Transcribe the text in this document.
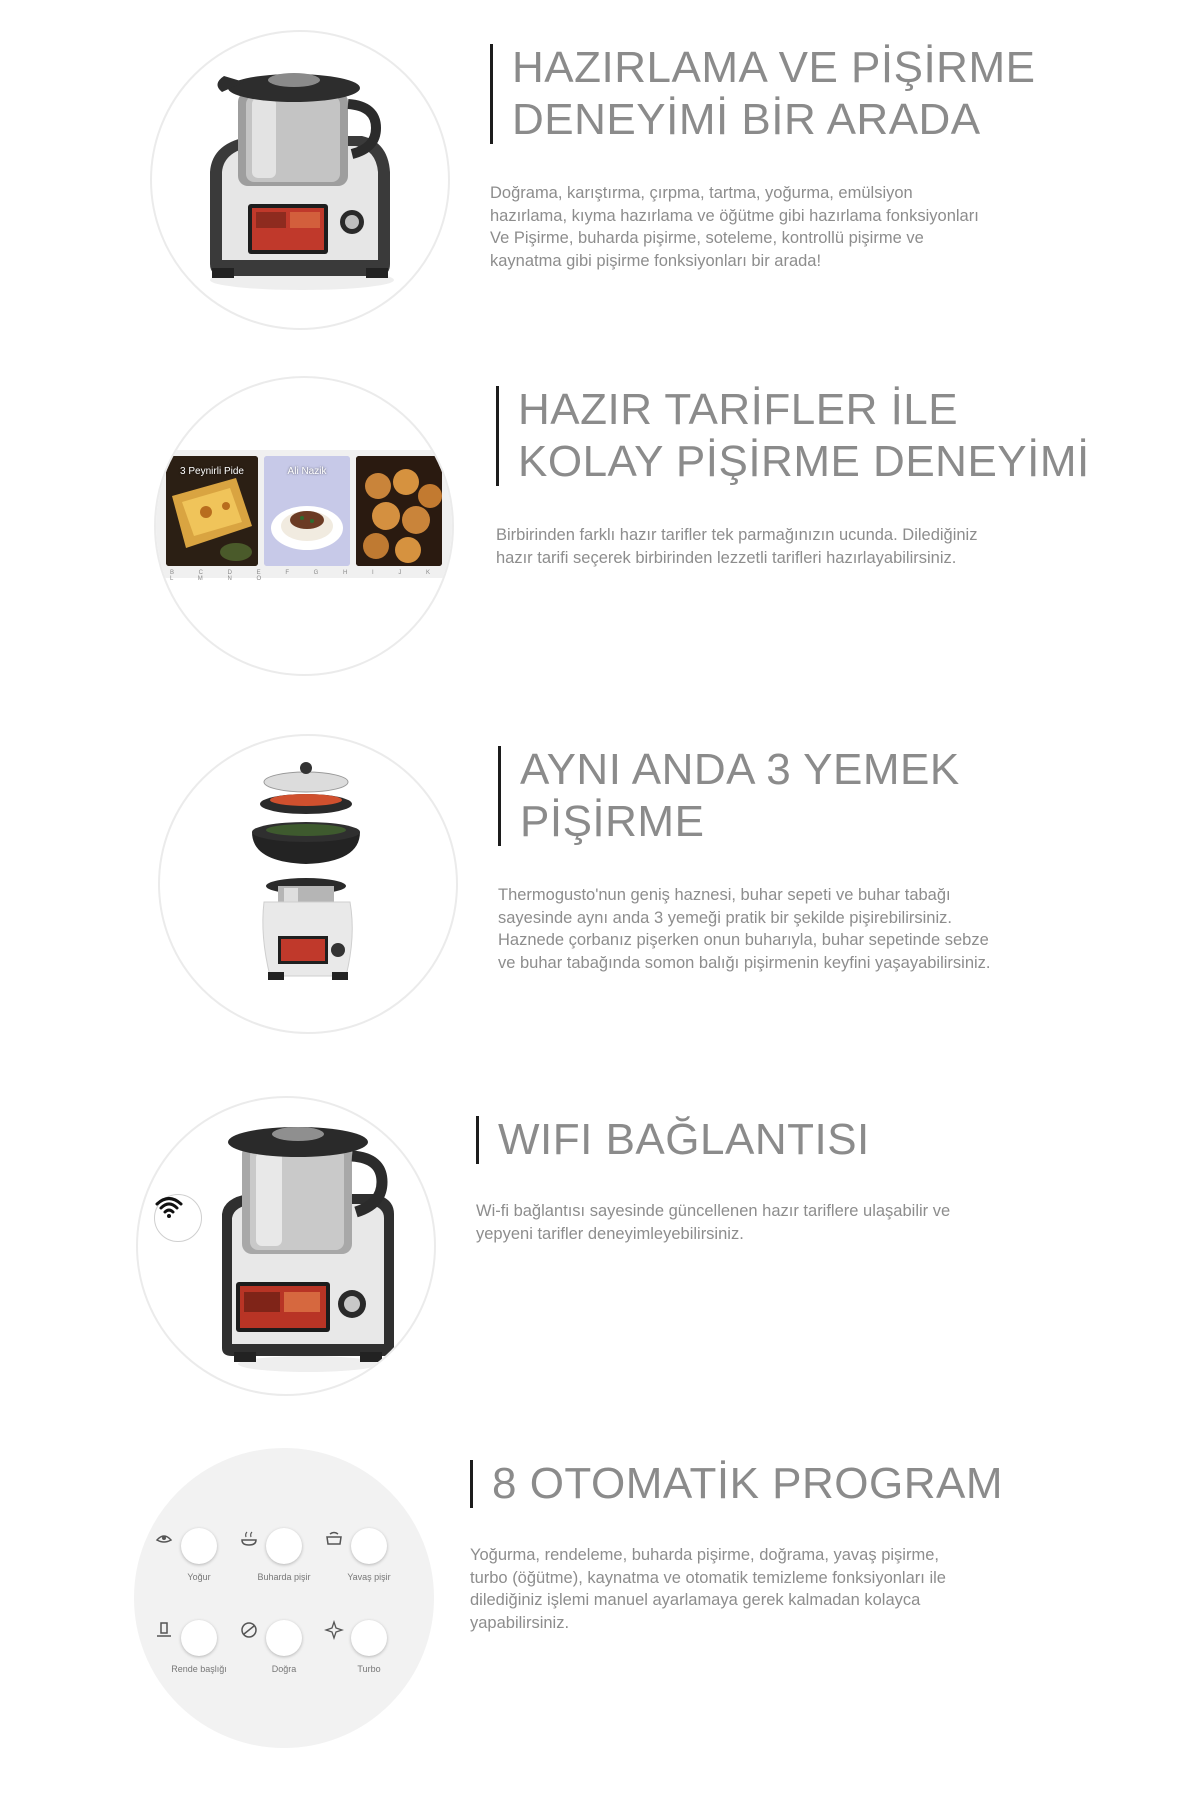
HAZIRLAMA VE PİŞİRME
DENEYİMİ BİR ARADA

Doğrama, karıştırma, çırpma, tartma, yoğurma, emülsiyon
hazırlama, kıyma hazırlama ve öğütme gibi hazırlama fonksiyonları
Ve Pişirme, buharda pişirme, soteleme, kontrollü pişirme ve
kaynatma gibi pişirme fonksiyonları bir arada!

3 Peynirli Pide	Ali Nazik
B C D E F G H I J K L M N O
HAZIR TARİFLER İLE
KOLAY PİŞİRME DENEYİMİ

Birbirinden farklı hazır tarifler tek parmağınızın ucunda. Dilediğiniz
hazır tarifi seçerek birbirinden lezzetli tarifleri hazırlayabilirsiniz.

AYNI ANDA 3 YEMEK
PİŞİRME

Thermogusto'nun geniş haznesi, buhar sepeti ve buhar tabağı
sayesinde aynı anda 3 yemeği pratik bir şekilde pişirebilirsiniz.
Haznede çorbanız pişerken onun buharıyla, buhar sepetinde sebze
ve buhar tabağında somon balığı pişirmenin keyfini yaşayabilirsiniz.

WIFI BAĞLANTISI

Wi-fi bağlantısı sayesinde güncellenen hazır tariflere ulaşabilir ve
yepyeni tarifler deneyimleyebilirsiniz.

Yoğur	Buharda pişir	Yavaş pişir
Rende başlığı	Doğra	Turbo
8 OTOMATİK PROGRAM

Yoğurma, rendeleme, buharda pişirme, doğrama, yavaş pişirme,
turbo (öğütme), kaynatma ve otomatik temizleme fonksiyonları ile
dilediğiniz işlemi manuel ayarlamaya gerek kalmadan kolayca
yapabilirsiniz.
